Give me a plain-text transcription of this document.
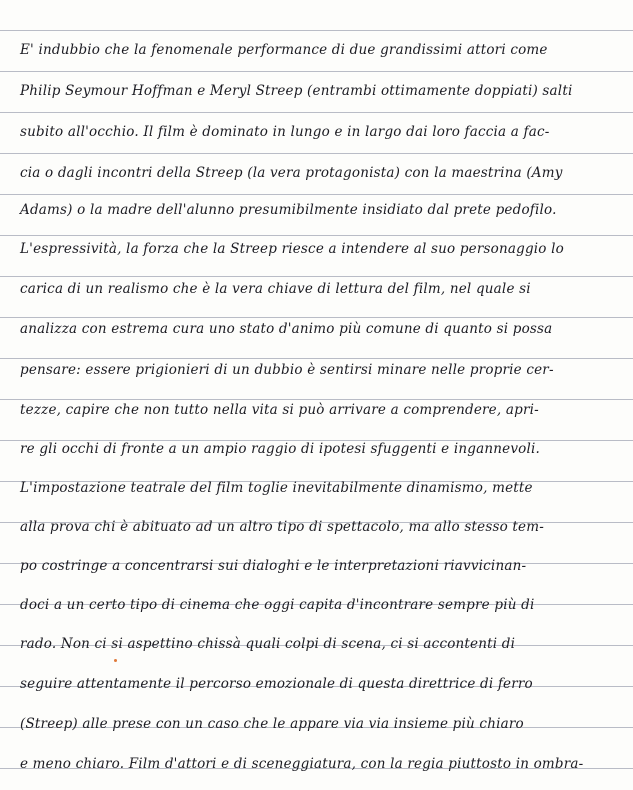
E' indubbio che la fenomenale performance di due grandissimi attori come
Philip Seymour Hoffman e Meryl Streep (entrambi ottimamente doppiati) salti
subito all'occhio. Il film è dominato in lungo e in largo dai loro faccia a fac-
cia o dagli incontri della Streep (la vera protagonista) con la maestrina (Amy
Adams) o la madre dell'alunno presumibilmente insidiato dal prete pedofilo.
L'espressività, la forza che la Streep riesce a intendere al suo personaggio lo
carica di un realismo che è la vera chiave di lettura del film, nel quale si
analizza con estrema cura uno stato d'animo più comune di quanto si possa
pensare: essere prigionieri di un dubbio è sentirsi minare nelle proprie cer-
tezze, capire che non tutto nella vita si può arrivare a comprendere, apri-
re gli occhi di fronte a un ampio raggio di ipotesi sfuggenti e ingannevoli.
L'impostazione teatrale del film toglie inevitabilmente dinamismo, mette
alla prova chi è abituato ad un altro tipo di spettacolo, ma allo stesso tem-
po costringe a concentrarsi sui dialoghi e le interpretazioni riavvicinan-
doci a un certo tipo di cinema che oggi capita d'incontrare sempre più di
rado. Non ci si aspettino chissà quali colpi di scena, ci si accontenti di
seguire attentamente il percorso emozionale di questa direttrice di ferro
(Streep) alle prese con un caso che le appare via via insieme più chiaro
e meno chiaro. Film d'attori e di sceneggiatura, con la regia piuttosto in ombra-
